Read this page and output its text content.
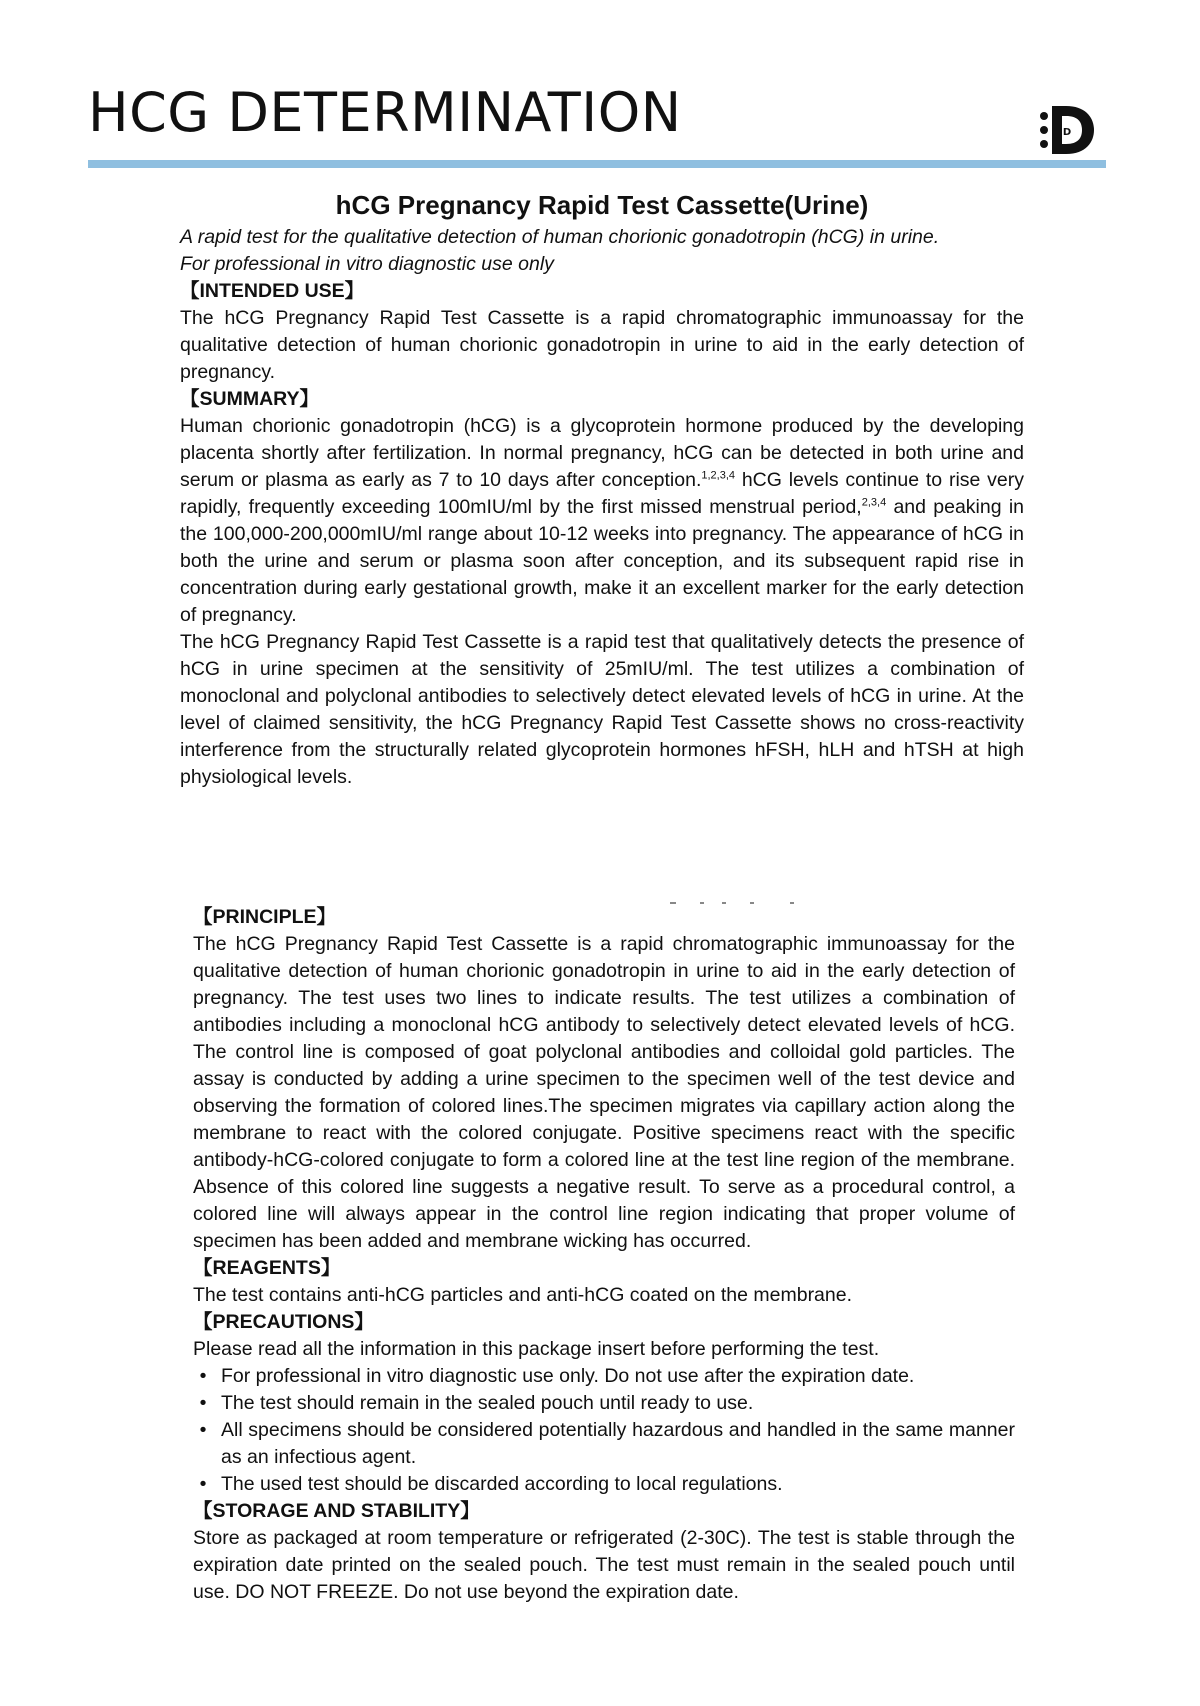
HCG DETERMINATION	D
hCG Pregnancy Rapid Test Cassette(Urine)

A rapid test for the qualitative detection of human chorionic gonadotropin (hCG) in urine.

For professional in vitro diagnostic use only

【INTENDED USE】

The hCG Pregnancy Rapid Test Cassette is a rapid chromatographic immunoassay for the qualitative detection of human chorionic gonadotropin in urine to aid in the early detection of pregnancy.

【SUMMARY】

Human chorionic gonadotropin (hCG) is a glycoprotein hormone produced by the developing placenta shortly after fertilization. In normal pregnancy, hCG can be detected in both urine and serum or plasma as early as 7 to 10 days after conception.$^{1,2,3,4}$ hCG levels continue to rise very rapidly, frequently exceeding 100mIU/ml by the first missed menstrual period,$^{2,3,4}$ and peaking in the 100,000-200,000mIU/ml range about 10-12 weeks into pregnancy. The appearance of hCG in both the urine and serum or plasma soon after conception, and its subsequent rapid rise in concentration during early gestational growth, make it an excellent marker for the early detection of pregnancy.

The hCG Pregnancy Rapid Test Cassette is a rapid test that qualitatively detects the presence of hCG in urine specimen at the sensitivity of 25mIU/ml. The test utilizes a combination of monoclonal and polyclonal antibodies to selectively detect elevated levels of hCG in urine. At the level of claimed sensitivity, the hCG Pregnancy Rapid Test Cassette shows no cross-reactivity interference from the structurally related glycoprotein hormones hFSH, hLH and hTSH at high physiological levels.

【PRINCIPLE】

The hCG Pregnancy Rapid Test Cassette is a rapid chromatographic immunoassay for the qualitative detection of human chorionic gonadotropin in urine to aid in the early detection of pregnancy. The test uses two lines to indicate results. The test utilizes a combination of antibodies including a monoclonal hCG antibody to selectively detect elevated levels of hCG. The control line is composed of goat polyclonal antibodies and colloidal gold particles. The assay is conducted by adding a urine specimen to the specimen well of the test device and observing the formation of colored lines.The specimen migrates via capillary action along the membrane to react with the colored conjugate. Positive specimens react with the specific antibody-hCG-colored conjugate to form a colored line at the test line region of the membrane. Absence of this colored line suggests a negative result. To serve as a procedural control, a colored line will always appear in the control line region indicating that proper volume of specimen has been added and membrane wicking has occurred.

【REAGENTS】

The test contains anti-hCG particles and anti-hCG coated on the membrane.

【PRECAUTIONS】

Please read all the information in this package insert before performing the test.

• For professional in vitro diagnostic use only. Do not use after the expiration date.
• The test should remain in the sealed pouch until ready to use.
• All specimens should be considered potentially hazardous and handled in the same manner as an infectious agent.
• The used test should be discarded according to local regulations.

【STORAGE AND STABILITY】

Store as packaged at room temperature or refrigerated (2-30C). The test is stable through the expiration date printed on the sealed pouch. The test must remain in the sealed pouch until use. DO NOT FREEZE. Do not use beyond the expiration date.
